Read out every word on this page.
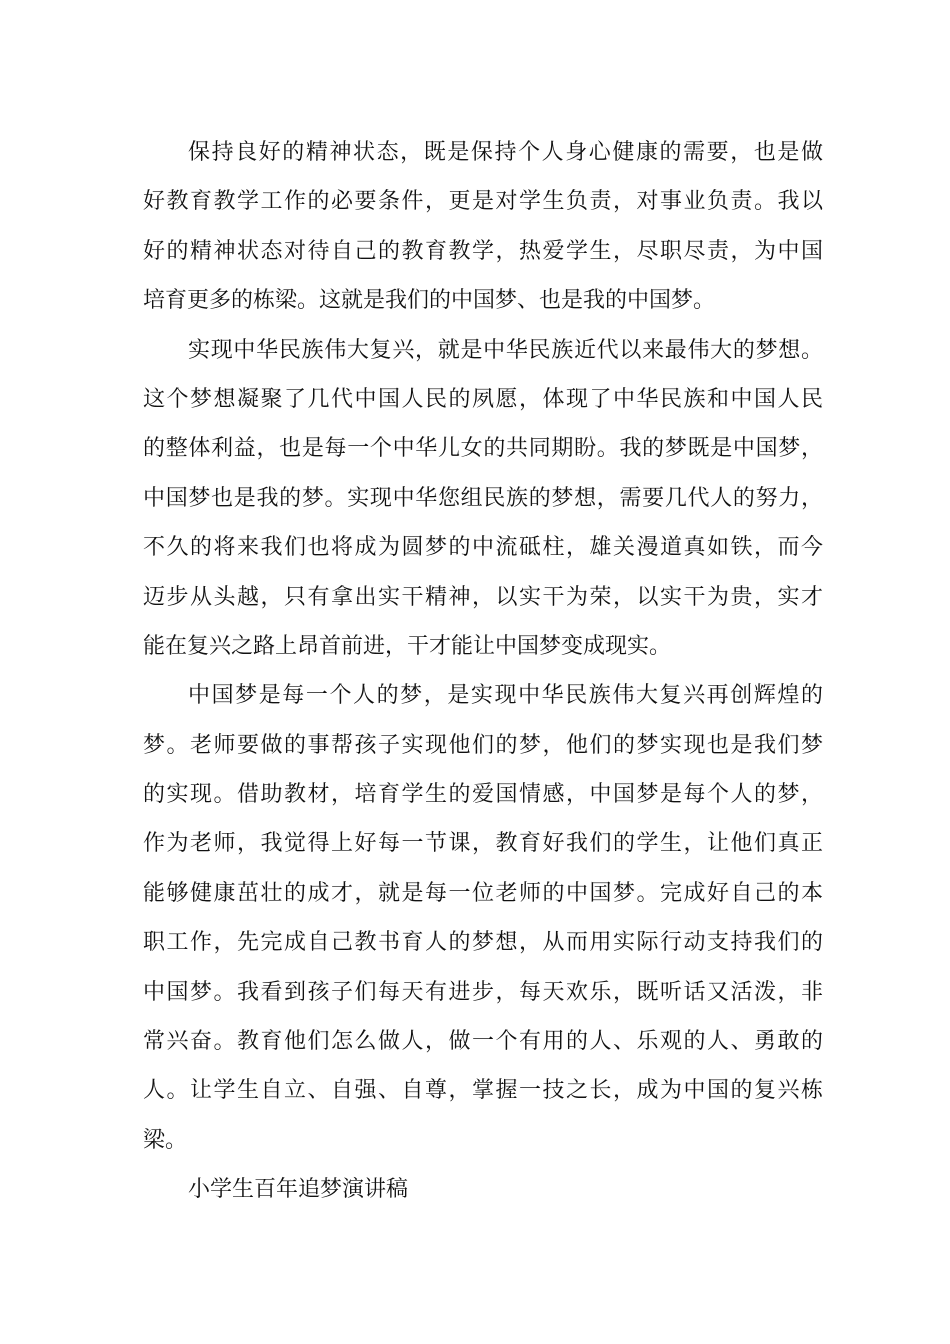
保持良好的精神状态，既是保持个人身心健康的需要，也是做
好教育教学工作的必要条件，更是对学生负责，对事业负责。我以
好的精神状态对待自己的教育教学，热爱学生，尽职尽责，为中国
培育更多的栋梁。这就是我们的中国梦、也是我的中国梦。
实现中华民族伟大复兴，就是中华民族近代以来最伟大的梦想。
这个梦想凝聚了几代中国人民的夙愿，体现了中华民族和中国人民
的整体利益，也是每一个中华儿女的共同期盼。我的梦既是中国梦，
中国梦也是我的梦。实现中华您组民族的梦想，需要几代人的努力，
不久的将来我们也将成为圆梦的中流砥柱，雄关漫道真如铁，而今
迈步从头越，只有拿出实干精神，以实干为荣，以实干为贵，实才
能在复兴之路上昂首前进，干才能让中国梦变成现实。
中国梦是每一个人的梦，是实现中华民族伟大复兴再创辉煌的
梦。老师要做的事帮孩子实现他们的梦，他们的梦实现也是我们梦
的实现。借助教材，培育学生的爱国情感，中国梦是每个人的梦，
作为老师，我觉得上好每一节课，教育好我们的学生，让他们真正
能够健康茁壮的成才，就是每一位老师的中国梦。完成好自己的本
职工作，先完成自己教书育人的梦想，从而用实际行动支持我们的
中国梦。我看到孩子们每天有进步，每天欢乐，既听话又活泼，非
常兴奋。教育他们怎么做人，做一个有用的人、乐观的人、勇敢的
人。让学生自立、自强、自尊，掌握一技之长，成为中国的复兴栋
梁。
小学生百年追梦演讲稿
